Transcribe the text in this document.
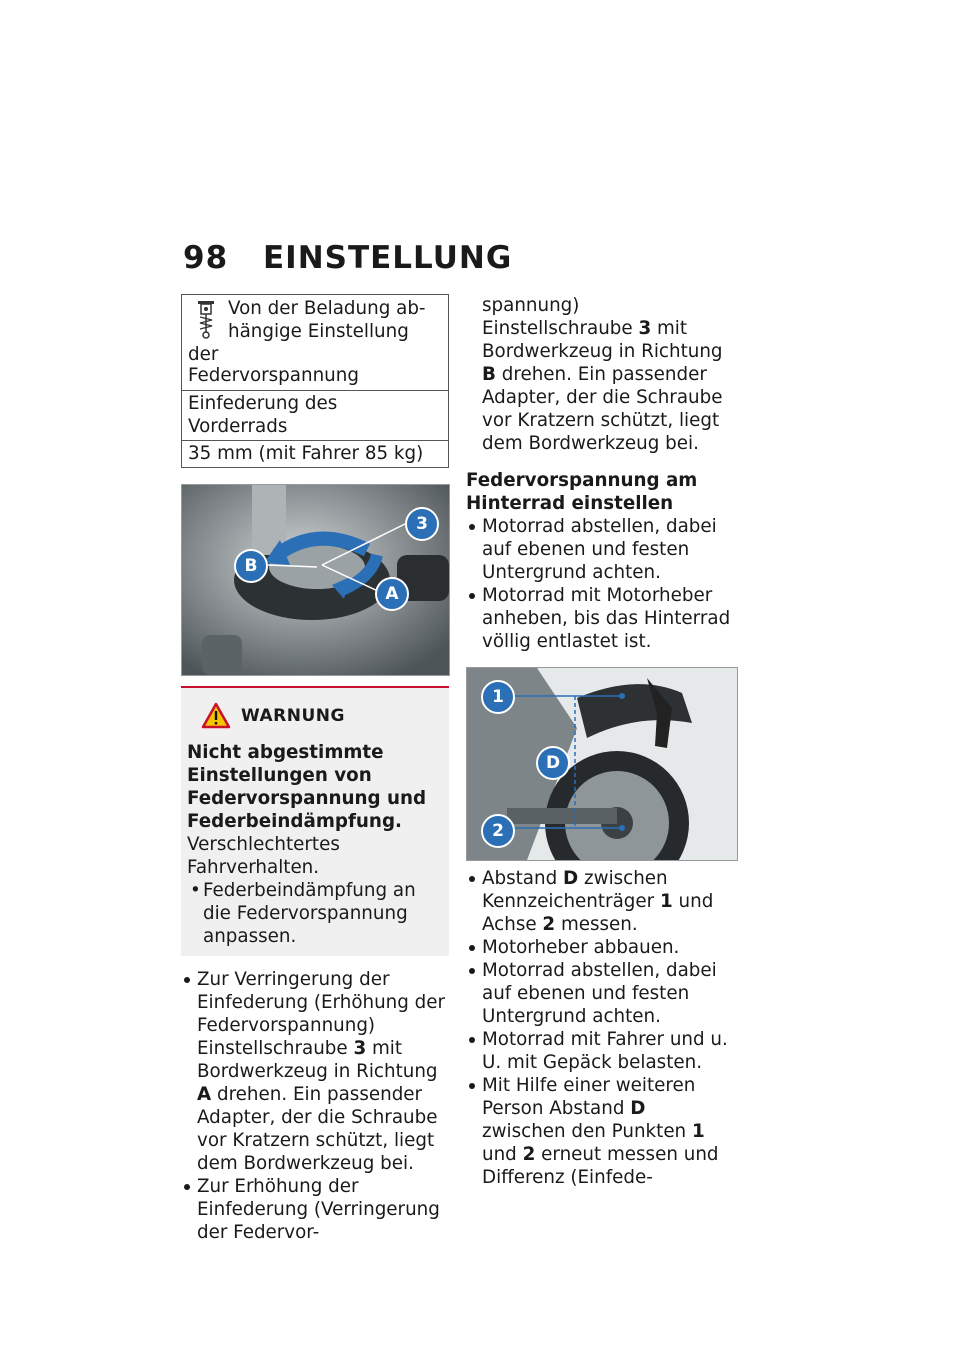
98 EINSTELLUNG
Von der Beladung ab-
hängige Einstellung der
Federvorspannung
Einfederung des Vorderrads
35 mm (mit Fahrer 85 kg)
3
B
A
WARNUNG

Nicht abgestimmte Einstellungen von Federvorspannung und Federbeindämpfung.

Verschlechtertes Fahrverhalten.

• Federbeindämpfung an die Federvorspannung anpassen.
Zur Verringerung der Einfederung (Erhöhung der Federvorspannung) Einstellschraube 3 mit Bordwerkzeug in Richtung A drehen. Ein passender Adapter, der die Schraube vor Kratzern schützt, liegt dem Bordwerkzeug bei.
Zur Erhöhung der Einfederung (Verringerung der Federvor-

spannung) Einstellschraube 3 mit Bordwerkzeug in Richtung B drehen. Ein passender Adapter, der die Schraube vor Kratzern schützt, liegt dem Bordwerkzeug bei.

Federvorspannung am Hinterrad einstellen
Motorrad abstellen, dabei auf ebenen und festen Untergrund achten.
Motorrad mit Motorheber anheben, bis das Hinterrad völlig entlastet ist.
1
D
2
Abstand D zwischen Kennzeichenträger 1 und Achse 2 messen.
Motorheber abbauen.
Motorrad abstellen, dabei auf ebenen und festen Untergrund achten.
Motorrad mit Fahrer und u. U. mit Gepäck belasten.
Mit Hilfe einer weiteren Person Abstand D zwischen den Punkten 1 und 2 erneut messen und Differenz (Einfede-
